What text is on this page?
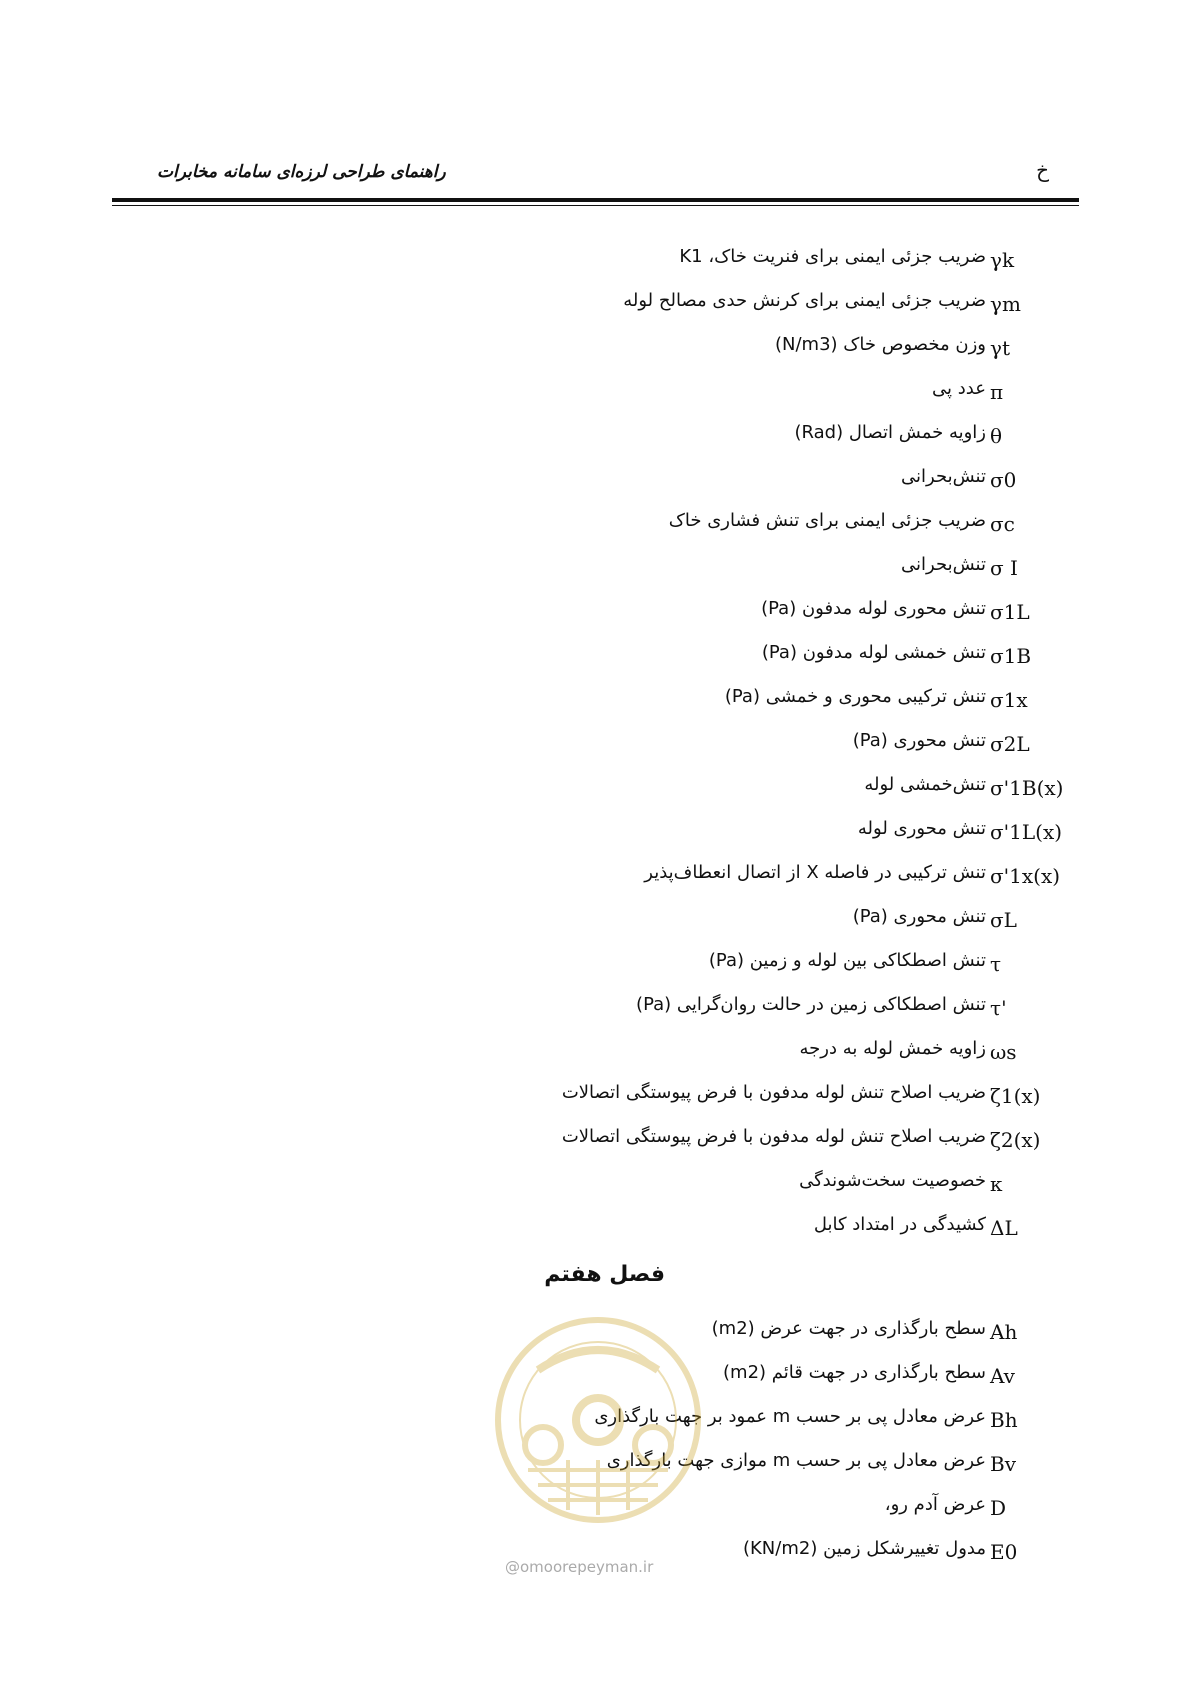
راهنمای طراحی لرزه‌ای سامانه مخابرات	خ
γk
ضریب جزئی ایمنی برای فنریت خاک، K1
γm
ضریب جزئی ایمنی برای کرنش حدی مصالح لوله
γt
وزن مخصوص خاک (N/m3)
π
عدد پی
θ
زاویه خمش اتصال (Rad)
σ0
تنش‌بحرانی
σc
ضریب جزئی ایمنی برای تنش فشاری خاک
σ I
تنش‌بحرانی
σ1L
تنش محوری لوله مدفون (Pa)
σ1B
تنش خمشی لوله مدفون (Pa)
σ1x
تنش ترکیبی محوری و خمشی (Pa)
σ2L
تنش محوری (Pa)
σ'1B(x)
تنش‌خمشی لوله
σ'1L(x)
تنش محوری لوله
σ'1x(x)
تنش ترکیبی در فاصله X از اتصال انعطاف‌پذیر
σL
تنش محوری (Pa)
τ
تنش اصطکاکی بین لوله و زمین (Pa)
τ'
تنش اصطکاکی زمین در حالت روان‌گرایی (Pa)
ωs
زاویه خمش لوله به درجه
ζ1(x)
ضریب اصلاح تنش لوله مدفون با فرض پیوستگی اتصالات
ζ2(x)
ضریب اصلاح تنش لوله مدفون با فرض پیوستگی اتصالات
κ
خصوصیت سخت‌شوندگی
ΔL
کشیدگی در امتداد کابل
فصل هفتم
Ah
سطح بارگذاری در جهت عرض (m2)
Av
سطح بارگذاری در جهت قائم (m2)
Bh
عرض معادل پی بر حسب m عمود بر جهت بارگذاری
Bv
عرض معادل پی بر حسب m موازی جهت بارگذاری
D
عرض آدم رو،
E0
مدول تغییرشکل زمین (KN/m2)
@omoorepeyman.ir
